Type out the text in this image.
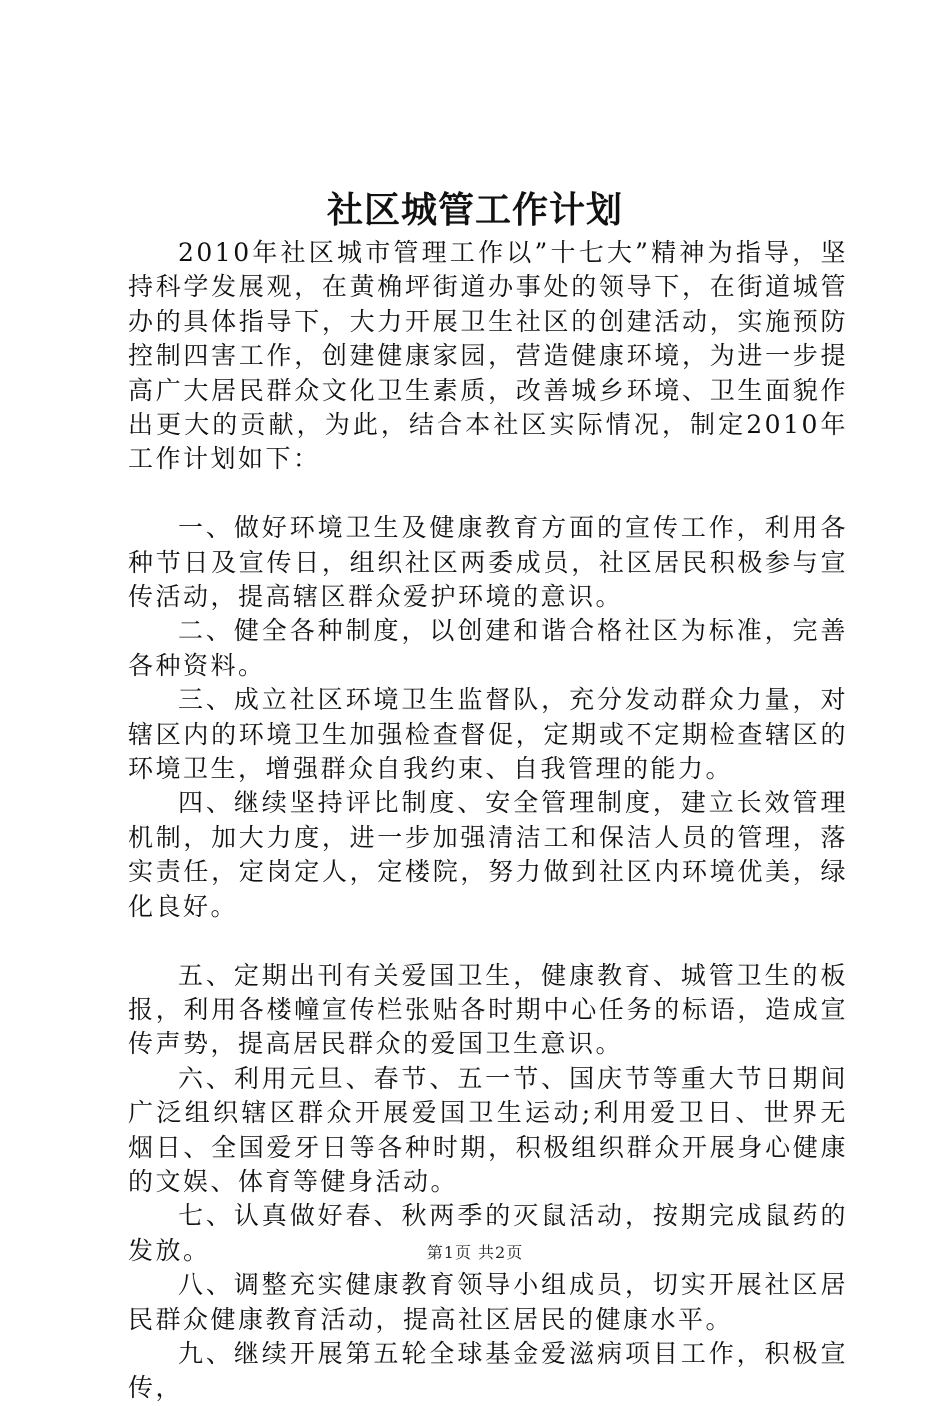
社区城管工作计划

2010年社区城市管理工作以”十七大”精神为指导，坚持科学发展观，在黄桷坪街道办事处的领导下，在街道城管办的具体指导下，大力开展卫生社区的创建活动，实施预防控制四害工作，创建健康家园，营造健康环境，为进一步提高广大居民群众文化卫生素质，改善城乡环境、卫生面貌作出更大的贡献，为此，结合本社区实际情况，制定2010年工作计划如下：

一、做好环境卫生及健康教育方面的宣传工作，利用各种节日及宣传日，组织社区两委成员，社区居民积极参与宣传活动，提高辖区群众爱护环境的意识。

二、健全各种制度，以创建和谐合格社区为标准，完善各种资料。

三、成立社区环境卫生监督队，充分发动群众力量，对辖区内的环境卫生加强检查督促，定期或不定期检查辖区的环境卫生，增强群众自我约束、自我管理的能力。

四、继续坚持评比制度、安全管理制度，建立长效管理机制，加大力度，进一步加强清洁工和保洁人员的管理，落实责任，定岗定人，定楼院，努力做到社区内环境优美，绿化良好。

五、定期出刊有关爱国卫生，健康教育、城管卫生的板报，利用各楼幢宣传栏张贴各时期中心任务的标语，造成宣传声势，提高居民群众的爱国卫生意识。

六、利用元旦、春节、五一节、国庆节等重大节日期间广泛组织辖区群众开展爱国卫生运动;利用爱卫日、世界无烟日、全国爱牙日等各种时期，积极组织群众开展身心健康的文娱、体育等健身活动。

七、认真做好春、秋两季的灭鼠活动，按期完成鼠药的发放。

八、调整充实健康教育领导小组成员，切实开展社区居民群众健康教育活动，提高社区居民的健康水平。

九、继续开展第五轮全球基金爱滋病项目工作，积极宣传，

第1页 共2页
